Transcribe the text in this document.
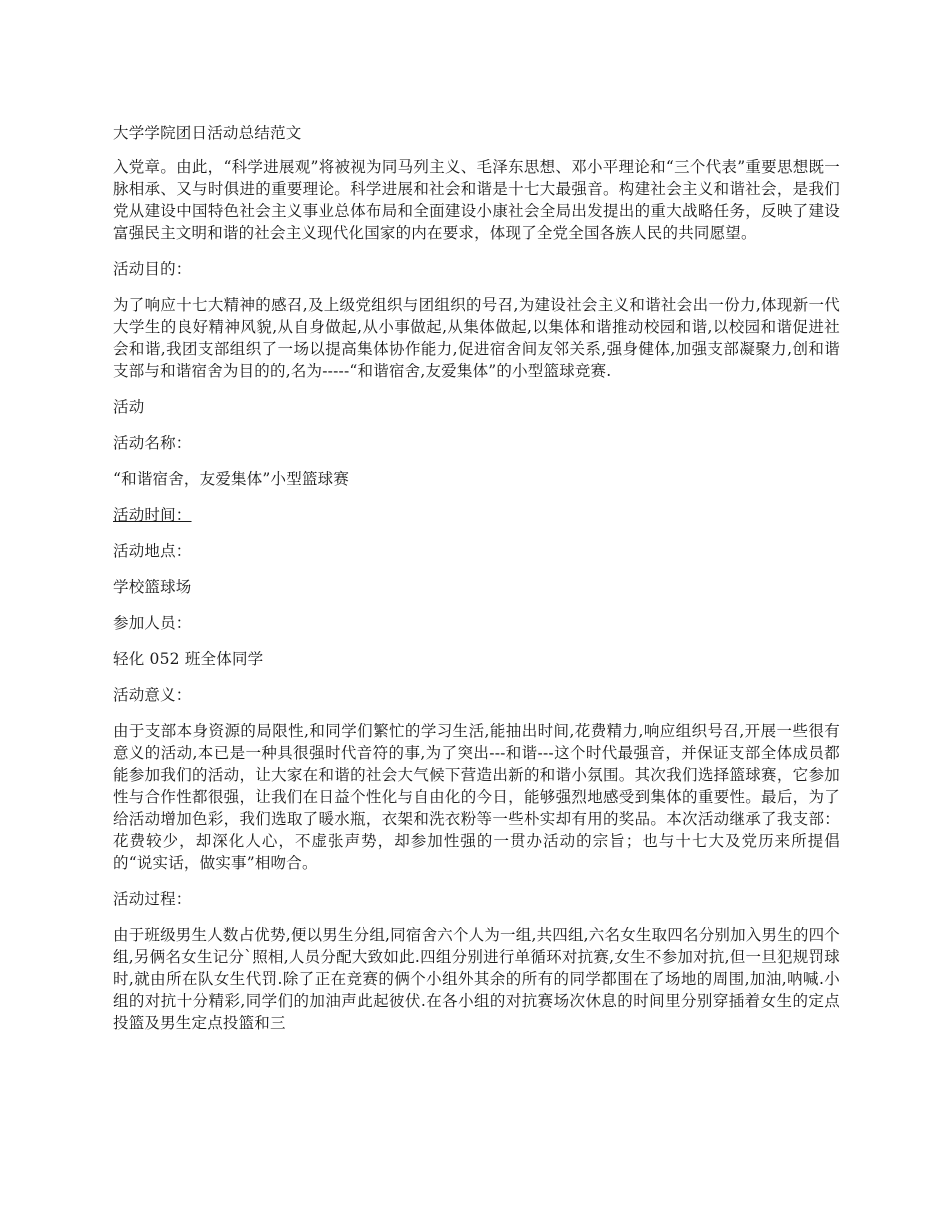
大学学院团日活动总结范文

入党章。由此，“科学进展观”将被视为同马列主义、毛泽东思想、邓小平理论和“三个代表”重要思想既一脉相承、又与时俱进的重要理论。科学进展和社会和谐是十七大最强音。构建社会主义和谐社会，是我们党从建设中国特色社会主义事业总体布局和全面建设小康社会全局出发提出的重大战略任务，反映了建设富强民主文明和谐的社会主义现代化国家的内在要求，体现了全党全国各族人民的共同愿望。

活动目的：

为了响应十七大精神的感召,及上级党组织与团组织的号召,为建设社会主义和谐社会出一份力,体现新一代大学生的良好精神风貌,从自身做起,从小事做起,从集体做起,以集体和谐推动校园和谐,以校园和谐促进社会和谐,我团支部组织了一场以提高集体协作能力,促进宿舍间友邻关系,强身健体,加强支部凝聚力,创和谐支部与和谐宿舍为目的的,名为-----“和谐宿舍,友爱集体”的小型篮球竞赛.

活动

活动名称：

“和谐宿舍，友爱集体”小型篮球赛

活动时间：

活动地点：

学校篮球场

参加人员：

轻化 052 班全体同学

活动意义：

由于支部本身资源的局限性,和同学们繁忙的学习生活,能抽出时间,花费精力,响应组织号召,开展一些很有意义的活动,本已是一种具很强时代音符的事,为了突出---和谐---这个时代最强音，并保证支部全体成员都能参加我们的活动，让大家在和谐的社会大气候下营造出新的和谐小氛围。其次我们选择篮球赛，它参加性与合作性都很强，让我们在日益个性化与自由化的今日，能够强烈地感受到集体的重要性。最后，为了给活动增加色彩，我们选取了暖水瓶，衣架和洗衣粉等一些朴实却有用的奖品。本次活动继承了我支部：花费较少，却深化人心，不虚张声势，却参加性强的一贯办活动的宗旨；也与十七大及党历来所提倡的“说实话，做实事”相吻合。

活动过程：

由于班级男生人数占优势,便以男生分组,同宿舍六个人为一组,共四组,六名女生取四名分别加入男生的四个组,另俩名女生记分`照相,人员分配大致如此.四组分别进行单循环对抗赛,女生不参加对抗,但一旦犯规罚球时,就由所在队女生代罚.除了正在竞赛的俩个小组外其余的所有的同学都围在了场地的周围,加油,呐喊.小组的对抗十分精彩,同学们的加油声此起彼伏.在各小组的对抗赛场次休息的时间里分别穿插着女生的定点投篮及男生定点投篮和三
